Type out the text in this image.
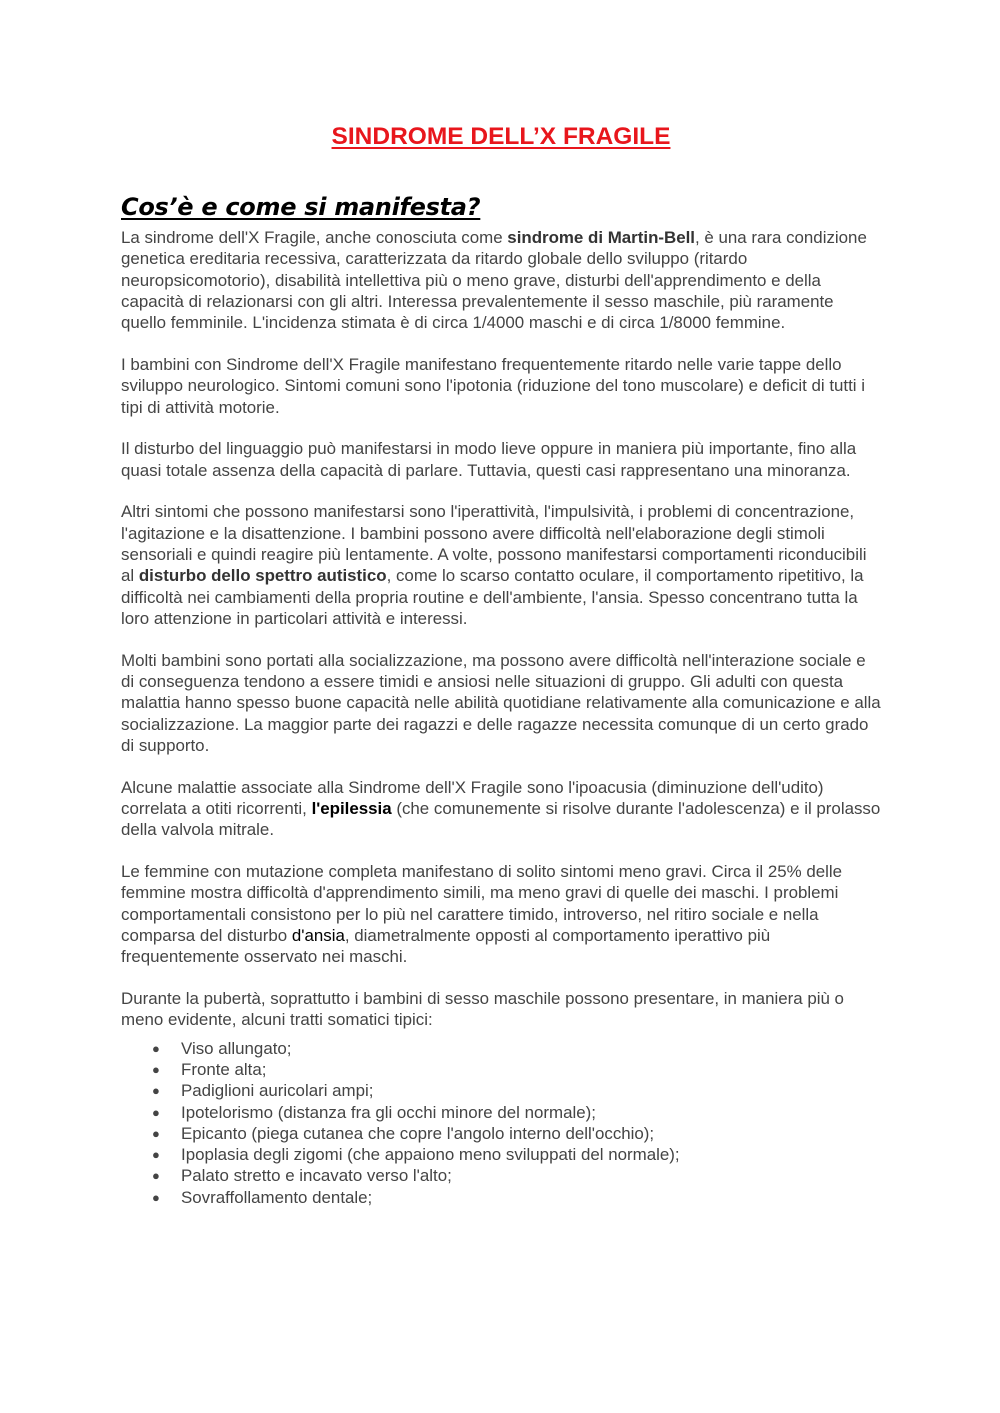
SINDROME DELL’X FRAGILE
Cos’è e come si manifesta?

La sindrome dell'X Fragile, anche conosciuta come sindrome di Martin-Bell, è una rara condizione genetica ereditaria recessiva, caratterizzata da ritardo globale dello sviluppo (ritardo neuropsicomotorio), disabilità intellettiva più o meno grave, disturbi dell'apprendimento e della capacità di relazionarsi con gli altri. Interessa prevalentemente il sesso maschile, più raramente quello femminile. L'incidenza stimata è di circa 1/4000 maschi e di circa 1/8000 femmine.

I bambini con Sindrome dell'X Fragile manifestano frequentemente ritardo nelle varie tappe dello sviluppo neurologico. Sintomi comuni sono l'ipotonia (riduzione del tono muscolare) e deficit di tutti i tipi di attività motorie.

Il disturbo del linguaggio può manifestarsi in modo lieve oppure in maniera più importante, fino alla quasi totale assenza della capacità di parlare. Tuttavia, questi casi rappresentano una minoranza.

Altri sintomi che possono manifestarsi sono l'iperattività, l'impulsività, i problemi di concentrazione, l'agitazione e la disattenzione. I bambini possono avere difficoltà nell'elaborazione degli stimoli sensoriali e quindi reagire più lentamente. A volte, possono manifestarsi comportamenti riconducibili al disturbo dello spettro autistico, come lo scarso contatto oculare, il comportamento ripetitivo, la difficoltà nei cambiamenti della propria routine e dell'ambiente, l'ansia. Spesso concentrano tutta la loro attenzione in particolari attività e interessi.

Molti bambini sono portati alla socializzazione, ma possono avere difficoltà nell'interazione sociale e di conseguenza tendono a essere timidi e ansiosi nelle situazioni di gruppo. Gli adulti con questa malattia hanno spesso buone capacità nelle abilità quotidiane relativamente alla comunicazione e alla socializzazione. La maggior parte dei ragazzi e delle ragazze necessita comunque di un certo grado di supporto.

Alcune malattie associate alla Sindrome dell'X Fragile sono l'ipoacusia (diminuzione dell'udito) correlata a otiti ricorrenti, l'epilessia (che comunemente si risolve durante l'adolescenza) e il prolasso della valvola mitrale.

Le femmine con mutazione completa manifestano di solito sintomi meno gravi. Circa il 25% delle femmine mostra difficoltà d'apprendimento simili, ma meno gravi di quelle dei maschi. I problemi comportamentali consistono per lo più nel carattere timido, introverso, nel ritiro sociale e nella comparsa del disturbo d'ansia, diametralmente opposti al comportamento iperattivo più frequentemente osservato nei maschi.

Durante la pubertà, soprattutto i bambini di sesso maschile possono presentare, in maniera più o meno evidente, alcuni tratti somatici tipici:

● Viso allungato;
● Fronte alta;
● Padiglioni auricolari ampi;
● Ipotelorismo (distanza fra gli occhi minore del normale);
● Epicanto (piega cutanea che copre l'angolo interno dell'occhio);
● Ipoplasia degli zigomi (che appaiono meno sviluppati del normale);
● Palato stretto e incavato verso l'alto;
● Sovraffollamento dentale;
